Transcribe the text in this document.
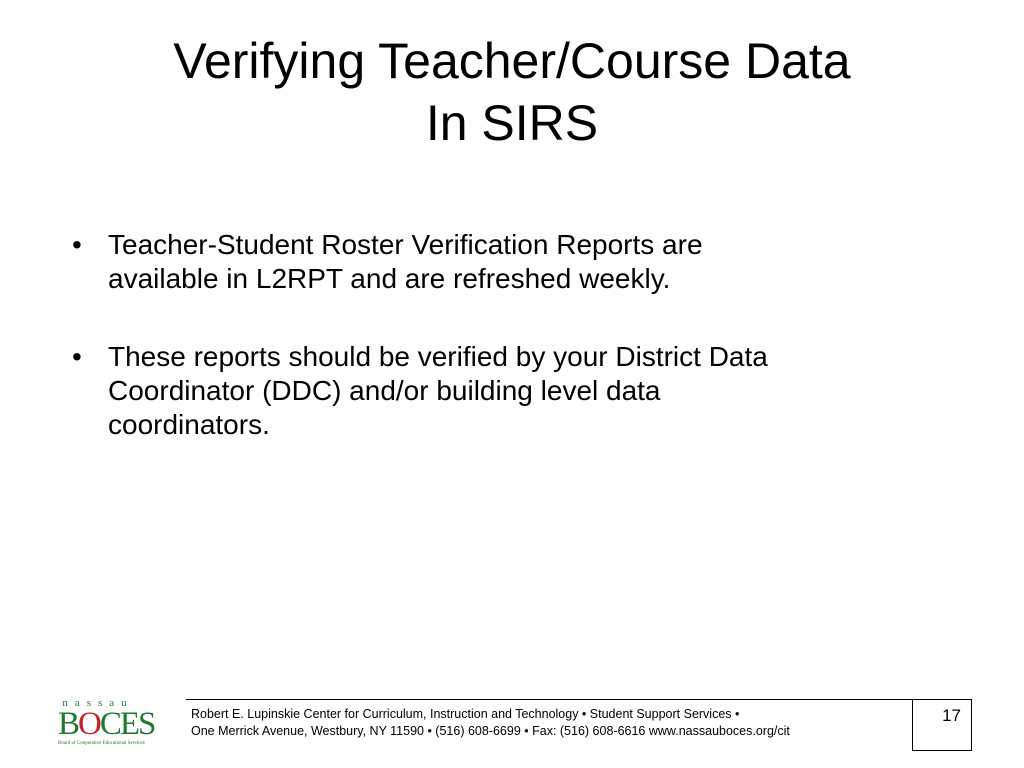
Verifying Teacher/Course Data
In SIRS
• Teacher-Student Roster Verification Reports are
available in L2RPT and are refreshed weekly.
• These reports should be verified by your District Data
Coordinator (DDC) and/or building level data
coordinators.
nassau
BOCES
Board of Cooperative Educational Services
Robert E. Lupinskie Center for Curriculum, Instruction and Technology • Student Support Services •
One Merrick Avenue, Westbury, NY 11590 • (516) 608-6699 • Fax: (516) 608-6616 www.nassauboces.org/cit
17
